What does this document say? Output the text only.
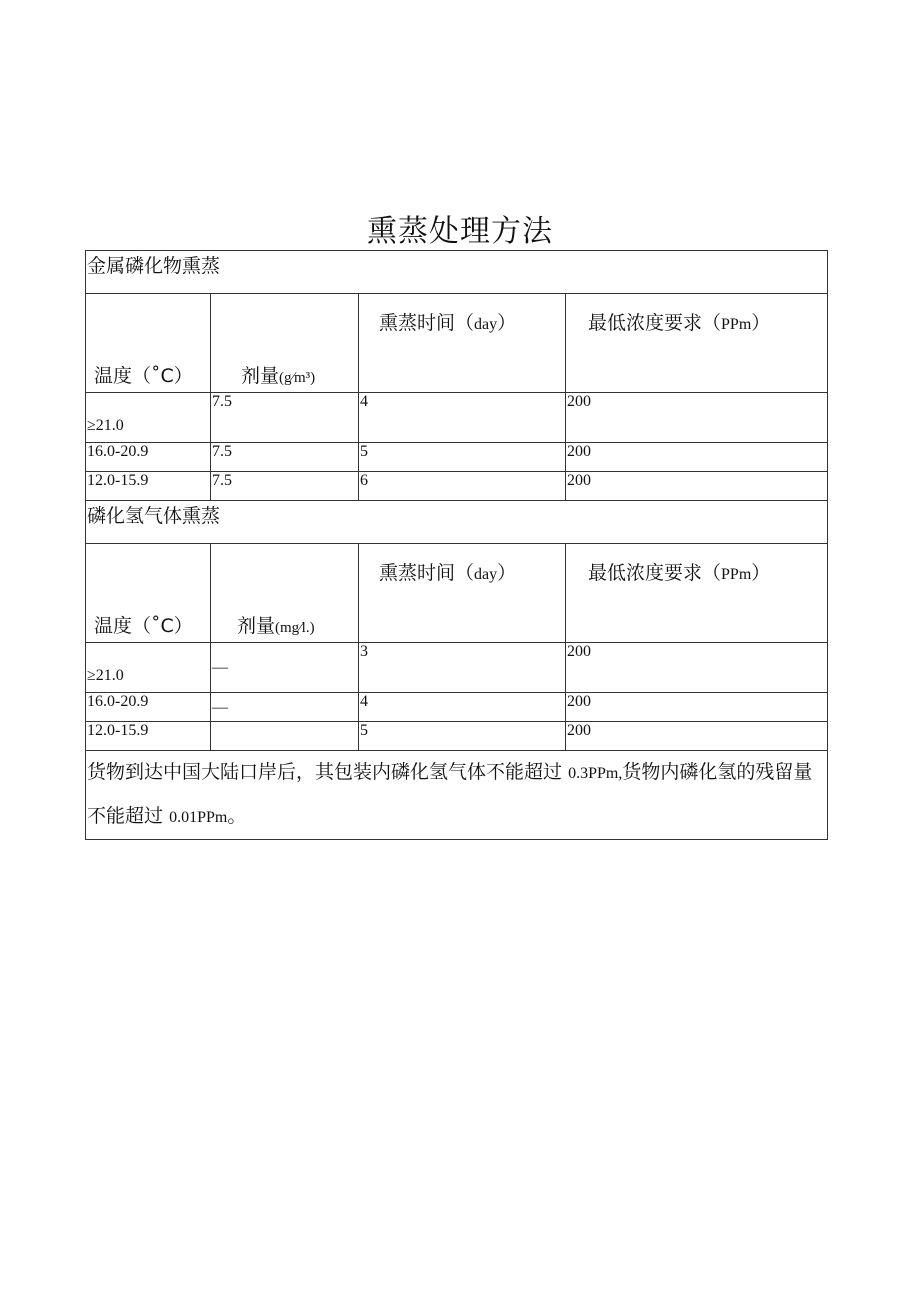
熏蒸处理方法
金属磷化物熏蒸			
温度（˚C）	剂量(g∕m³)	熏蒸时间（day）	最低浓度要求（PPm）
≥21.0	7.5	4	200
16.0-20.9	7.5	5	200
12.0-15.9	7.5	6	200
磷化氢气体熏蒸			
温度（˚C）	剂量(mg∕l.)	熏蒸时间（day）	最低浓度要求（PPm）
≥21.0	—	3	200
16.0-20.9	—	4	200
12.0-15.9		5	200
货物到达中国大陆口岸后，其包装内磷化氢气体不能超过 0.3PPm,货物内磷化氢的残留量不能超过 0.01PPm。			
